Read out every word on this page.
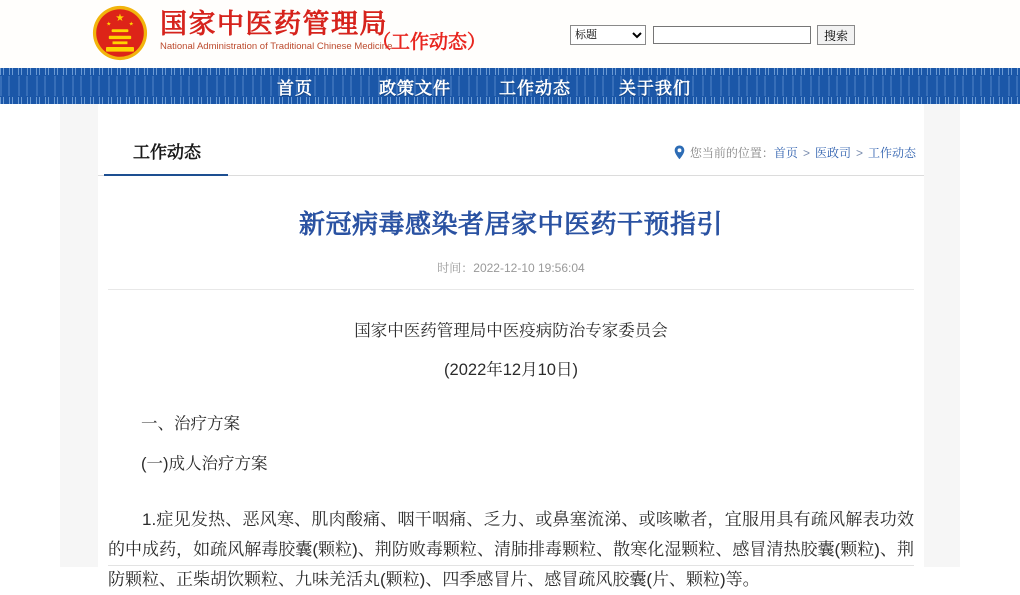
★
★	★ 国家中医药管理局
National Administration of Traditional Chinese Medicine
（工作动态）
标题	搜索
首页	政策文件	工作动态	关于我们
工作动态	您当前的位置： 首页 > 医政司 > 工作动态
新冠病毒感染者居家中医药干预指引
时间：2022-12-10 19:56:04

国家中医药管理局中医疫病防治专家委员会

(2022年12月10日)

一、治疗方案

(一)成人治疗方案

1.症见发热、恶风寒、肌肉酸痛、咽干咽痛、乏力、或鼻塞流涕、或咳嗽者，宜服用具有疏风解表功效的中成药，如疏风解毒胶囊(颗粒)、荆防败毒颗粒、清肺排毒颗粒、散寒化湿颗粒、感冒清热胶囊(颗粒)、荆防颗粒、正柴胡饮颗粒、九味羌活丸(颗粒)、四季感冒片、感冒疏风胶囊(片、颗粒)等。
